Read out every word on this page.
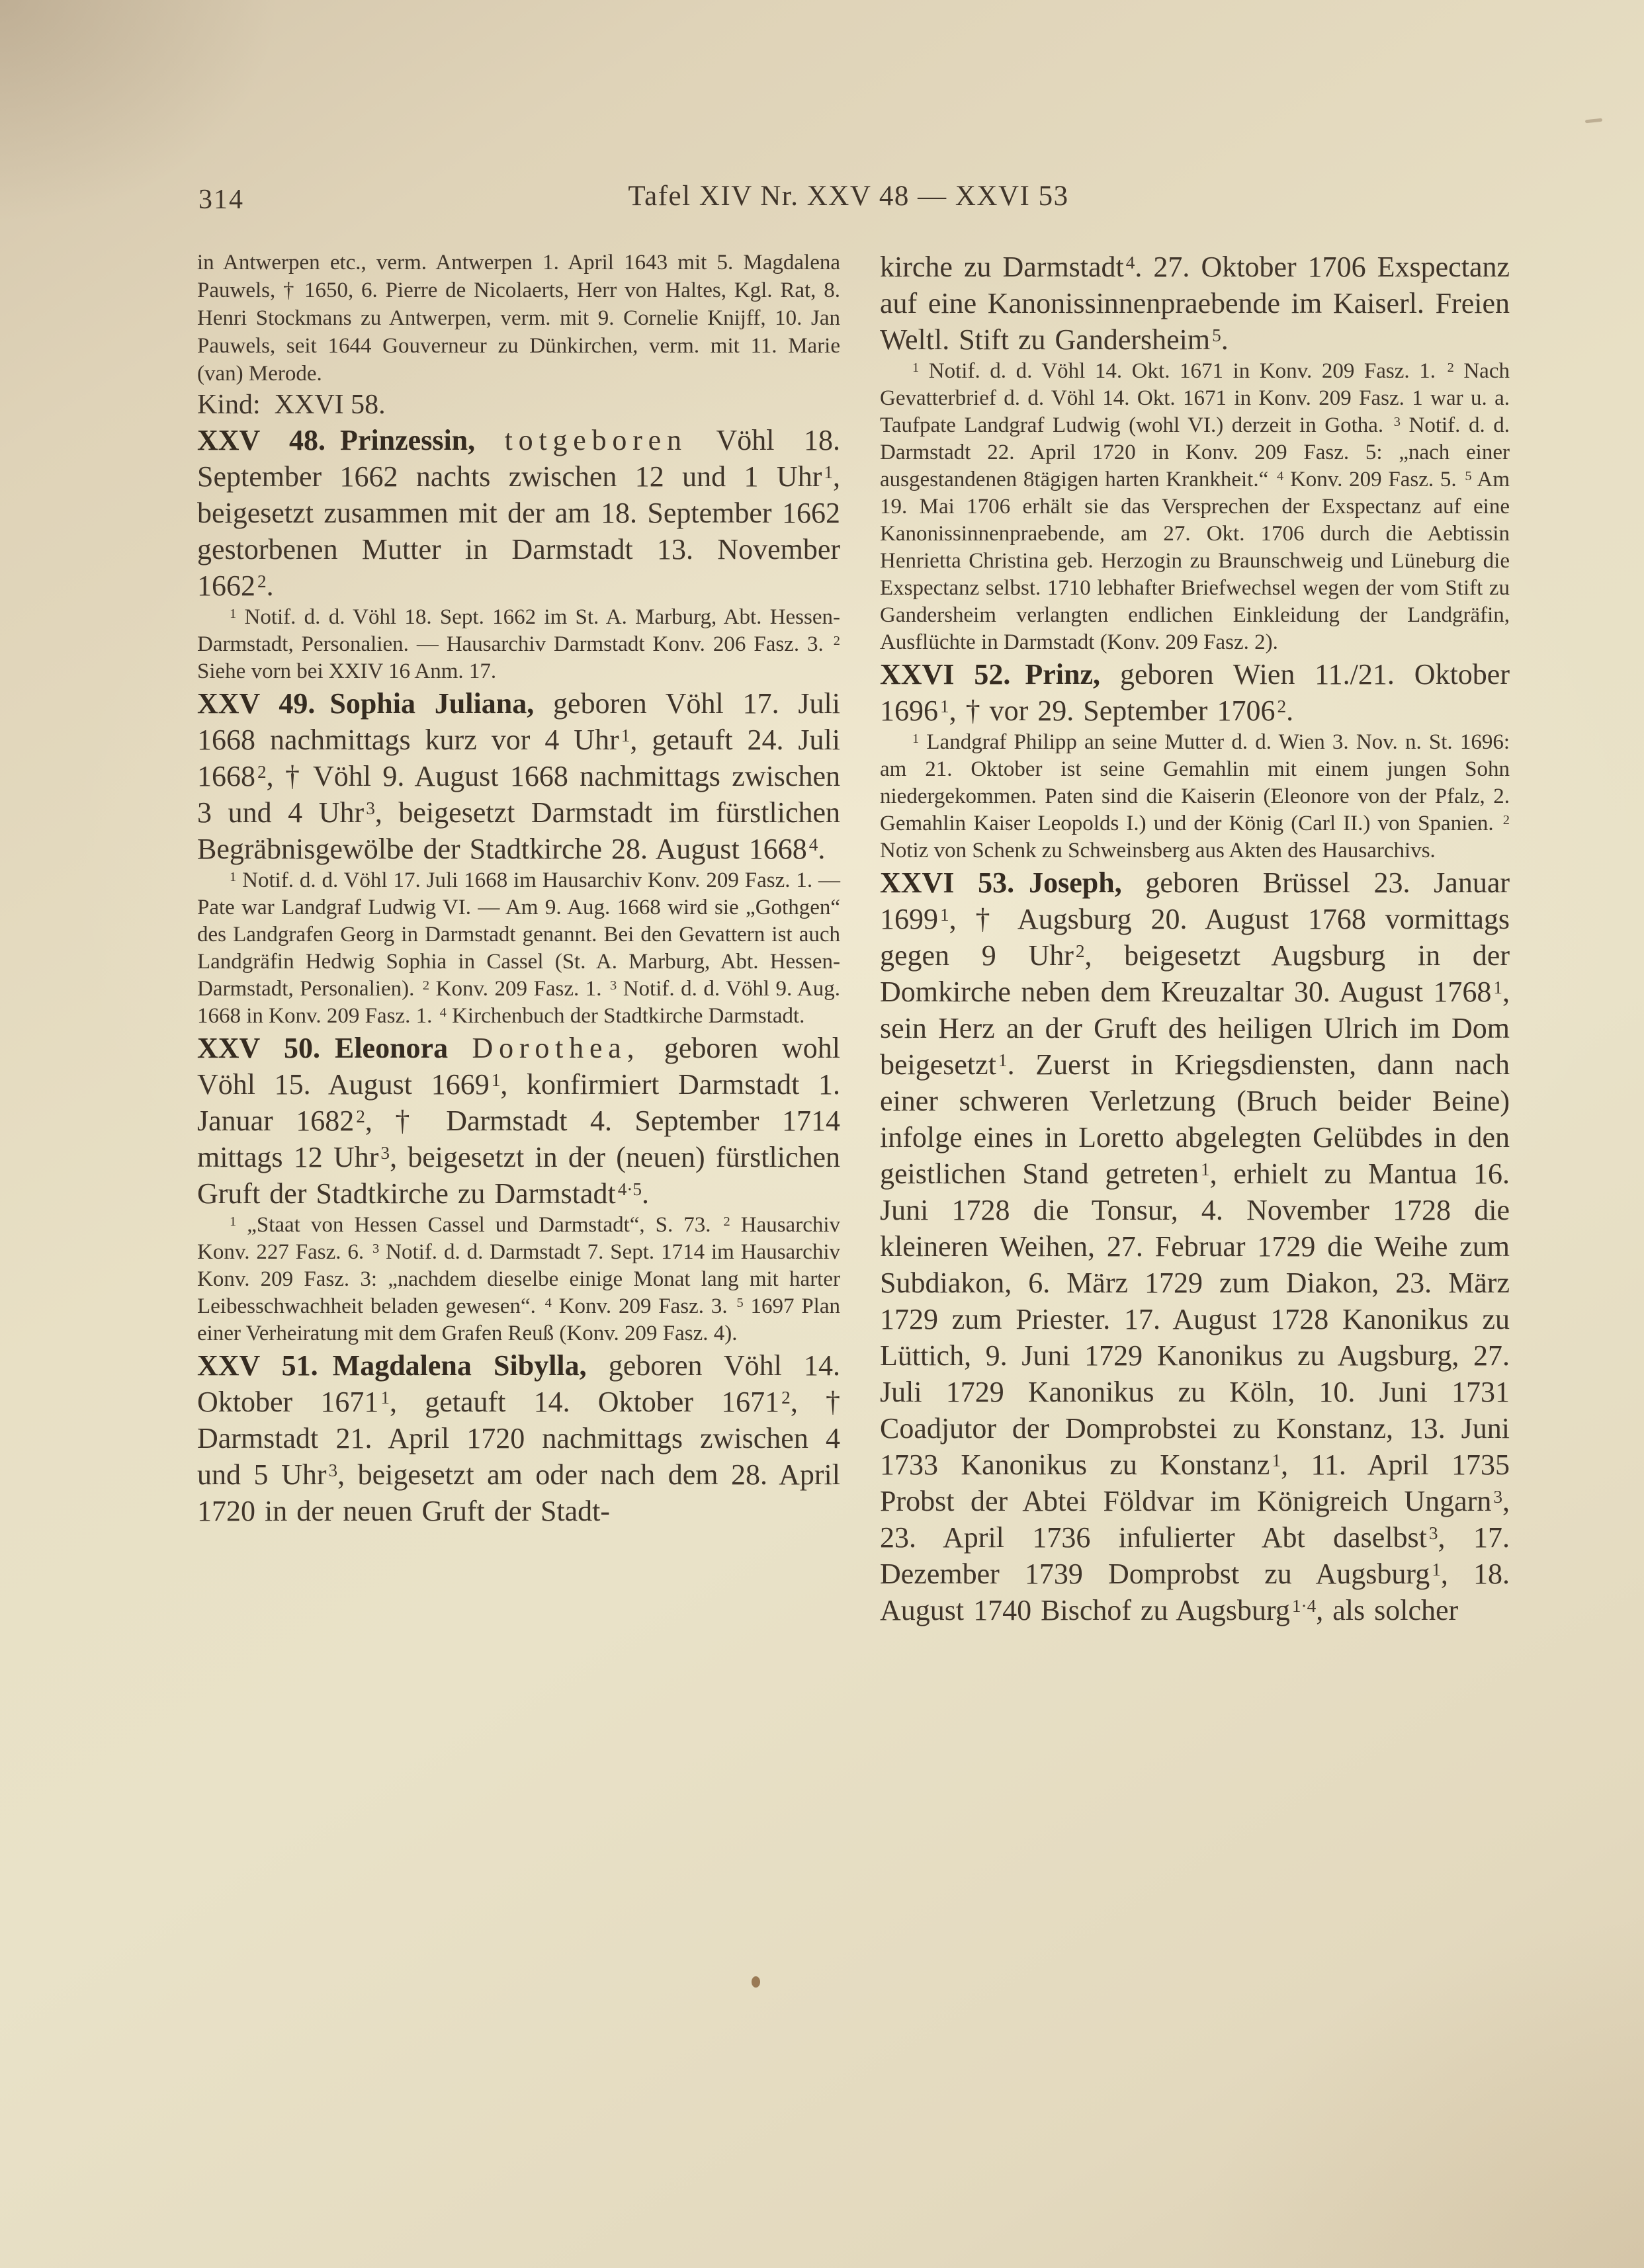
314	Tafel XIV Nr. XXV 48 — XXVI 53

in Antwerpen etc., verm. Antwerpen 1. April 1643 mit 5. Magdalena Pauwels, † 1650, 6. Pierre de Nicolaerts, Herr von Haltes, Kgl. Rat, 8. Henri Stockmans zu Antwerpen, verm. mit 9. Cornelie Knijff, 10. Jan Pauwels, seit 1644 Gouverneur zu Dünkirchen, verm. mit 11. Marie (van) Merode.

Kind: XXVI 58.

XXV 48.  Prinzessin, totgeboren Vöhl 18. September 1662 nachts zwischen 12 und 1 Uhr $^1$, beigesetzt zusammen mit der am 18. September 1662 gestorbenen Mutter in Darmstadt 13. November 1662 $^2$.

$^1$ Notif. d. d. Vöhl 18. Sept. 1662 im St. A. Marburg, Abt. Hessen-Darmstadt, Personalien. — Hausarchiv Darmstadt Konv. 206 Fasz. 3. $^2$ Siehe vorn bei XXIV 16 Anm. 17.

XXV 49.  Sophia Juliana, geboren Vöhl 17. Juli 1668 nachmittags kurz vor 4 Uhr $^1$, getauft 24. Juli 1668 $^2$, † Vöhl 9. August 1668 nachmittags zwischen 3 und 4 Uhr $^3$, beigesetzt Darmstadt im fürstlichen Begräbnisgewölbe der Stadtkirche 28. August 1668 $^4$.

$^1$ Notif. d. d. Vöhl 17. Juli 1668 im Hausarchiv Konv. 209 Fasz. 1. — Pate war Landgraf Ludwig VI. — Am 9. Aug. 1668 wird sie „Gothgen“ des Landgrafen Georg in Darmstadt genannt. Bei den Gevattern ist auch Landgräfin Hedwig Sophia in Cassel (St. A. Marburg, Abt. Hessen-Darmstadt, Personalien). $^2$ Konv. 209 Fasz. 1. $^3$ Notif. d. d. Vöhl 9. Aug. 1668 in Konv. 209 Fasz. 1. $^4$ Kirchenbuch der Stadtkirche Darmstadt.

XXV 50.  Eleonora Dorothea, geboren wohl Vöhl 15. August 1669 $^1$, konfirmiert Darmstadt 1. Januar 1682 $^2$, † Darmstadt 4. September 1714 mittags 12 Uhr $^3$, beigesetzt in der (neuen) fürstlichen Gruft der Stadtkirche zu Darmstadt $^{4\cdot 5}$.

$^1$ „Staat von Hessen Cassel und Darmstadt“, S. 73. $^2$ Hausarchiv Konv. 227 Fasz. 6. $^3$ Notif. d. d. Darmstadt 7. Sept. 1714 im Hausarchiv Konv. 209 Fasz. 3: „nachdem dieselbe einige Monat lang mit harter Leibesschwachheit beladen gewesen“. $^4$ Konv. 209 Fasz. 3. $^5$ 1697 Plan einer Verheiratung mit dem Grafen Reuß (Konv. 209 Fasz. 4).

XXV 51.  Magdalena Sibylla, geboren Vöhl 14. Oktober 1671 $^1$, getauft 14. Oktober 1671 $^2$, † Darmstadt 21. April 1720 nachmittags zwischen 4 und 5 Uhr $^3$, beigesetzt am oder nach dem 28. April 1720 in der neuen Gruft der Stadt-

kirche zu Darmstadt $^4$. 27. Oktober 1706 Exspectanz auf eine Kanonissinnenpraebende im Kaiserl. Freien Weltl. Stift zu Gandersheim $^5$.

$^1$ Notif. d. d. Vöhl 14. Okt. 1671 in Konv. 209 Fasz. 1. $^2$ Nach Gevatterbrief d. d. Vöhl 14. Okt. 1671 in Konv. 209 Fasz. 1 war u. a. Taufpate Landgraf Ludwig (wohl VI.) derzeit in Gotha. $^3$ Notif. d. d. Darmstadt 22. April 1720 in Konv. 209 Fasz. 5: „nach einer ausgestandenen 8tägigen harten Krankheit.“ $^4$ Konv. 209 Fasz. 5. $^5$ Am 19. Mai 1706 erhält sie das Versprechen der Exspectanz auf eine Kanonissinnenpraebende, am 27. Okt. 1706 durch die Aebtissin Henrietta Christina geb. Herzogin zu Braunschweig und Lüneburg die Exspectanz selbst. 1710 lebhafter Briefwechsel wegen der vom Stift zu Gandersheim verlangten endlichen Einkleidung der Landgräfin, Ausflüchte in Darmstadt (Konv. 209 Fasz. 2).

XXVI 52.  Prinz, geboren Wien 11./21. Oktober 1696 $^1$, † vor 29. September 1706 $^2$.

$^1$ Landgraf Philipp an seine Mutter d. d. Wien 3. Nov. n. St. 1696: am 21. Oktober ist seine Gemahlin mit einem jungen Sohn niedergekommen. Paten sind die Kaiserin (Eleonore von der Pfalz, 2. Gemahlin Kaiser Leopolds I.) und der König (Carl II.) von Spanien. $^2$ Notiz von Schenk zu Schweinsberg aus Akten des Hausarchivs.

XXVI 53.  Joseph, geboren Brüssel 23. Januar 1699 $^1$, † Augsburg 20. August 1768 vormittags gegen 9 Uhr $^2$, beigesetzt Augsburg in der Domkirche neben dem Kreuzaltar 30. August 1768 $^1$, sein Herz an der Gruft des heiligen Ulrich im Dom beigesetzt $^1$. Zuerst in Kriegsdiensten, dann nach einer schweren Verletzung (Bruch beider Beine) infolge eines in Loretto abgelegten Gelübdes in den geistlichen Stand getreten $^1$, erhielt zu Mantua 16. Juni 1728 die Tonsur, 4. November 1728 die kleineren Weihen, 27. Februar 1729 die Weihe zum Subdiakon, 6. März 1729 zum Diakon, 23. März 1729 zum Priester. 17. August 1728 Kanonikus zu Lüttich, 9. Juni 1729 Kanonikus zu Augsburg, 27. Juli 1729 Kanonikus zu Köln, 10. Juni 1731 Coadjutor der Domprobstei zu Konstanz, 13. Juni 1733 Kanonikus zu Konstanz $^1$, 11. April 1735 Probst der Abtei Földvar im Königreich Ungarn $^3$, 23. April 1736 infulierter Abt daselbst $^3$, 17. Dezember 1739 Domprobst zu Augsburg $^1$, 18. August 1740 Bischof zu Augsburg $^{1\cdot 4}$, als solcher
